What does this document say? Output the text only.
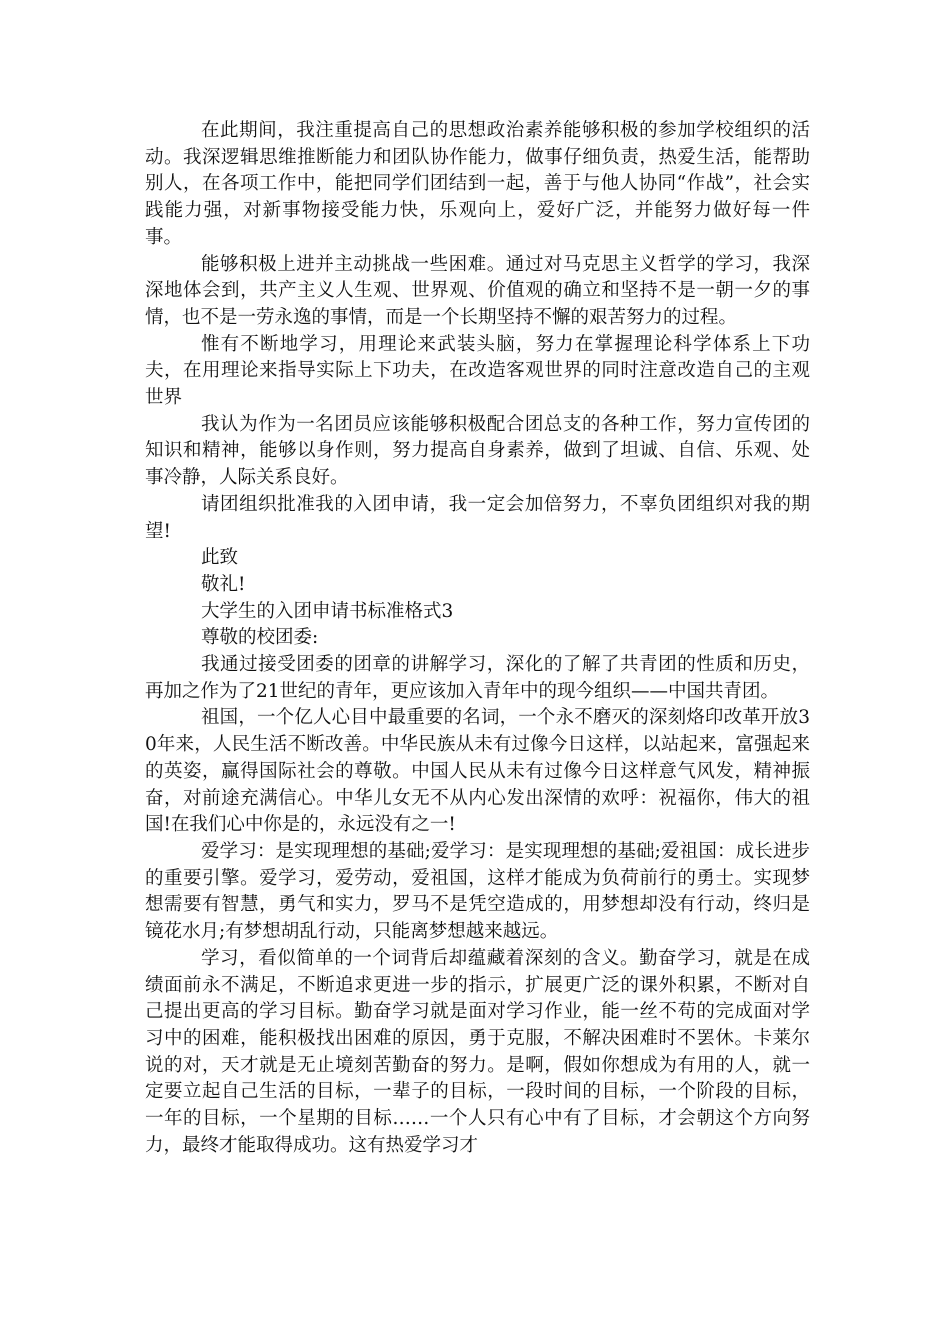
在此期间，我注重提高自己的思想政治素养能够积极的参加学校组织的活动。我深逻辑思维推断能力和团队协作能力，做事仔细负责，热爱生活，能帮助别人，在各项工作中，能把同学们团结到一起，善于与他人协同“作战”，社会实践能力强，对新事物接受能力快，乐观向上，爱好广泛，并能努力做好每一件事。

能够积极上进并主动挑战一些困难。通过对马克思主义哲学的学习，我深深地体会到，共产主义人生观、世界观、价值观的确立和坚持不是一朝一夕的事情，也不是一劳永逸的事情，而是一个长期坚持不懈的艰苦努力的过程。

惟有不断地学习，用理论来武装头脑，努力在掌握理论科学体系上下功夫，在用理论来指导实际上下功夫，在改造客观世界的同时注意改造自己的主观世界

我认为作为一名团员应该能够积极配合团总支的各种工作，努力宣传团的知识和精神，能够以身作则，努力提高自身素养，做到了坦诚、自信、乐观、处事冷静，人际关系良好。

请团组织批准我的入团申请，我一定会加倍努力，不辜负团组织对我的期望!

此致

敬礼!

大学生的入团申请书标准格式3

尊敬的校团委:

我通过接受团委的团章的讲解学习，深化的了解了共青团的性质和历史，再加之作为了21世纪的青年，更应该加入青年中的现今组织——中国共青团。

祖国，一个亿人心目中最重要的名词，一个永不磨灭的深刻烙印改革开放30年来，人民生活不断改善。中华民族从未有过像今日这样，以站起来，富强起来的英姿，赢得国际社会的尊敬。中国人民从未有过像今日这样意气风发，精神振奋，对前途充满信心。中华儿女无不从内心发出深情的欢呼：祝福你，伟大的祖国!在我们心中你是的，永远没有之一!

爱学习：是实现理想的基础;爱学习：是实现理想的基础;爱祖国：成长进步的重要引擎。爱学习，爱劳动，爱祖国，这样才能成为负荷前行的勇士。实现梦想需要有智慧，勇气和实力，罗马不是凭空造成的，用梦想却没有行动，终归是镜花水月;有梦想胡乱行动，只能离梦想越来越远。

学习，看似简单的一个词背后却蕴藏着深刻的含义。勤奋学习，就是在成绩面前永不满足，不断追求更进一步的指示，扩展更广泛的课外积累，不断对自己提出更高的学习目标。勤奋学习就是面对学习作业，能一丝不苟的完成面对学习中的困难，能积极找出困难的原因，勇于克服，不解决困难时不罢休。卡莱尔说的对，天才就是无止境刻苦勤奋的努力。是啊，假如你想成为有用的人，就一定要立起自己生活的目标，一辈子的目标，一段时间的目标，一个阶段的目标，一年的目标，一个星期的目标……一个人只有心中有了目标，才会朝这个方向努力，最终才能取得成功。这有热爱学习才
